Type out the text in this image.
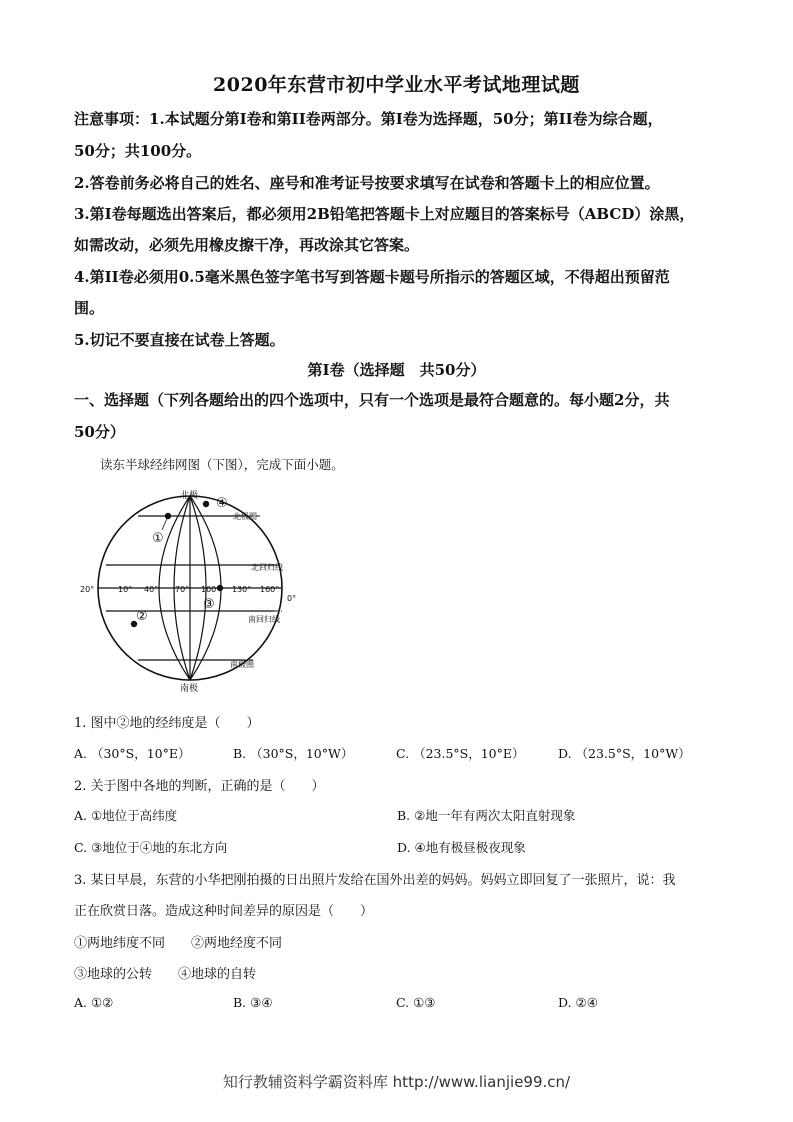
2020年东营市初中学业水平考试地理试题
注意事项：1.本试题分第Ⅰ卷和第II卷两部分。第Ⅰ卷为选择题，50分；第II卷为综合题，
50分；共100分。
2.答卷前务必将自己的姓名、座号和准考证号按要求填写在试卷和答题卡上的相应位置。
3.第Ⅰ卷每题选出答案后，都必须用2B铅笔把答题卡上对应题目的答案标号（ABCD）涂黑，
如需改动，必须先用橡皮擦干净，再改涂其它答案。
4.第II卷必须用0.5毫米黑色签字笔书写到答题卡题号所指示的答题区域，不得超出预留范
围。
5.切记不要直接在试卷上答题。
第Ⅰ卷（选择题　共50分）
一、选择题（下列各题给出的四个选项中，只有一个选项是最符合题意的。每小题2分，共
50分）
读东半球经纬网图（下图），完成下面小题。
北极
南极
北极圈
北回归线
南回归线
南极圈
0°
20°	10° 40° 70° 100° 130° 160°
①
②
③
④
1. 图中②地的经纬度是（　　）
A. （30°S，10°E）	B. （30°S，10°W）	C. （23.5°S，10°E）	D. （23.5°S，10°W）
2. 关于图中各地的判断，正确的是（　　）
A. ①地位于高纬度	B. ②地一年有两次太阳直射现象
C. ③地位于④地的东北方向	D. ④地有极昼极夜现象
3. 某日早晨，东营的小华把刚拍摄的日出照片发给在国外出差的妈妈。妈妈立即回复了一张照片，说：我
正在欣赏日落。造成这种时间差异的原因是（　　）
①两地纬度不同　　②两地经度不同
③地球的公转　　④地球的自转
A. ①②	B. ③④	C. ①③	D. ②④
知行教辅资料学霸资料库 http://www.lianjie99.cn/
